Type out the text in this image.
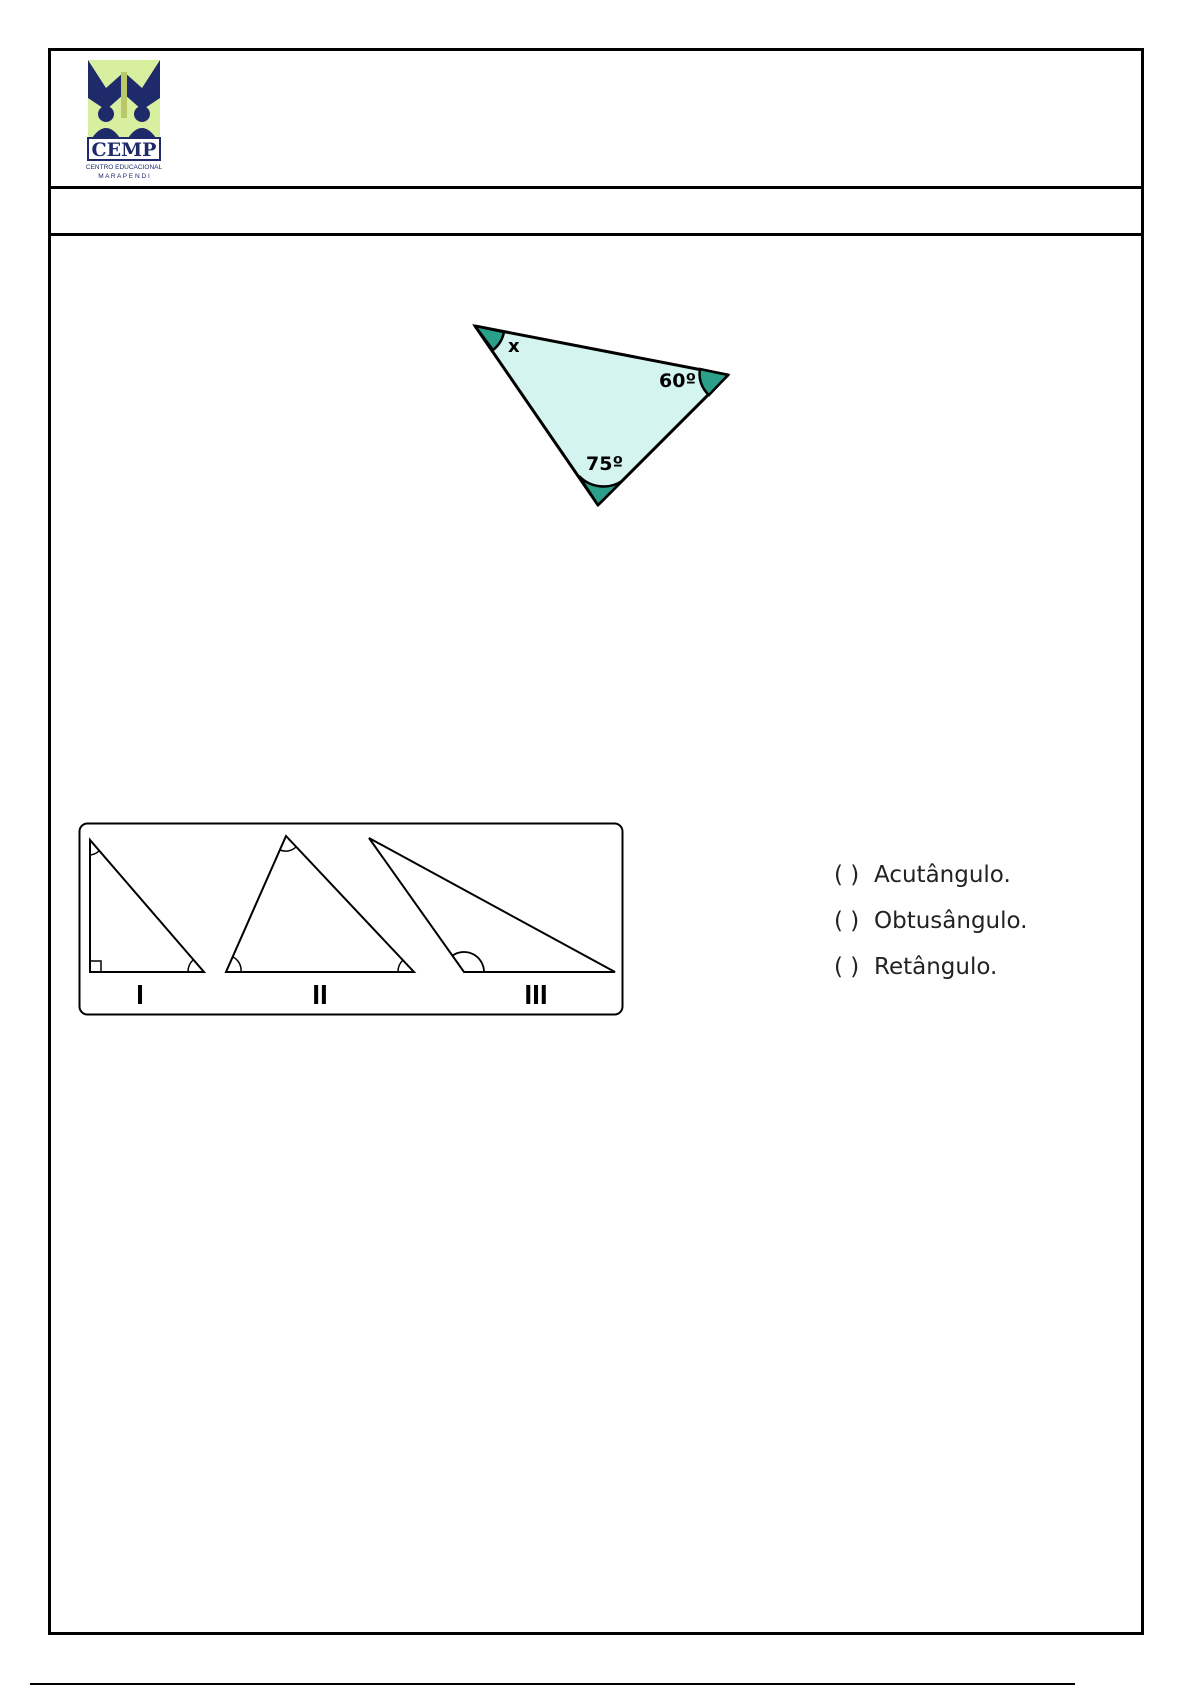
CEMP
CENTRO EDUCACIONAL
M A R A P E N D I
x
60º
75º
I	II	III
( ) Acutângulo.
( ) Obtusângulo.
( ) Retângulo.
